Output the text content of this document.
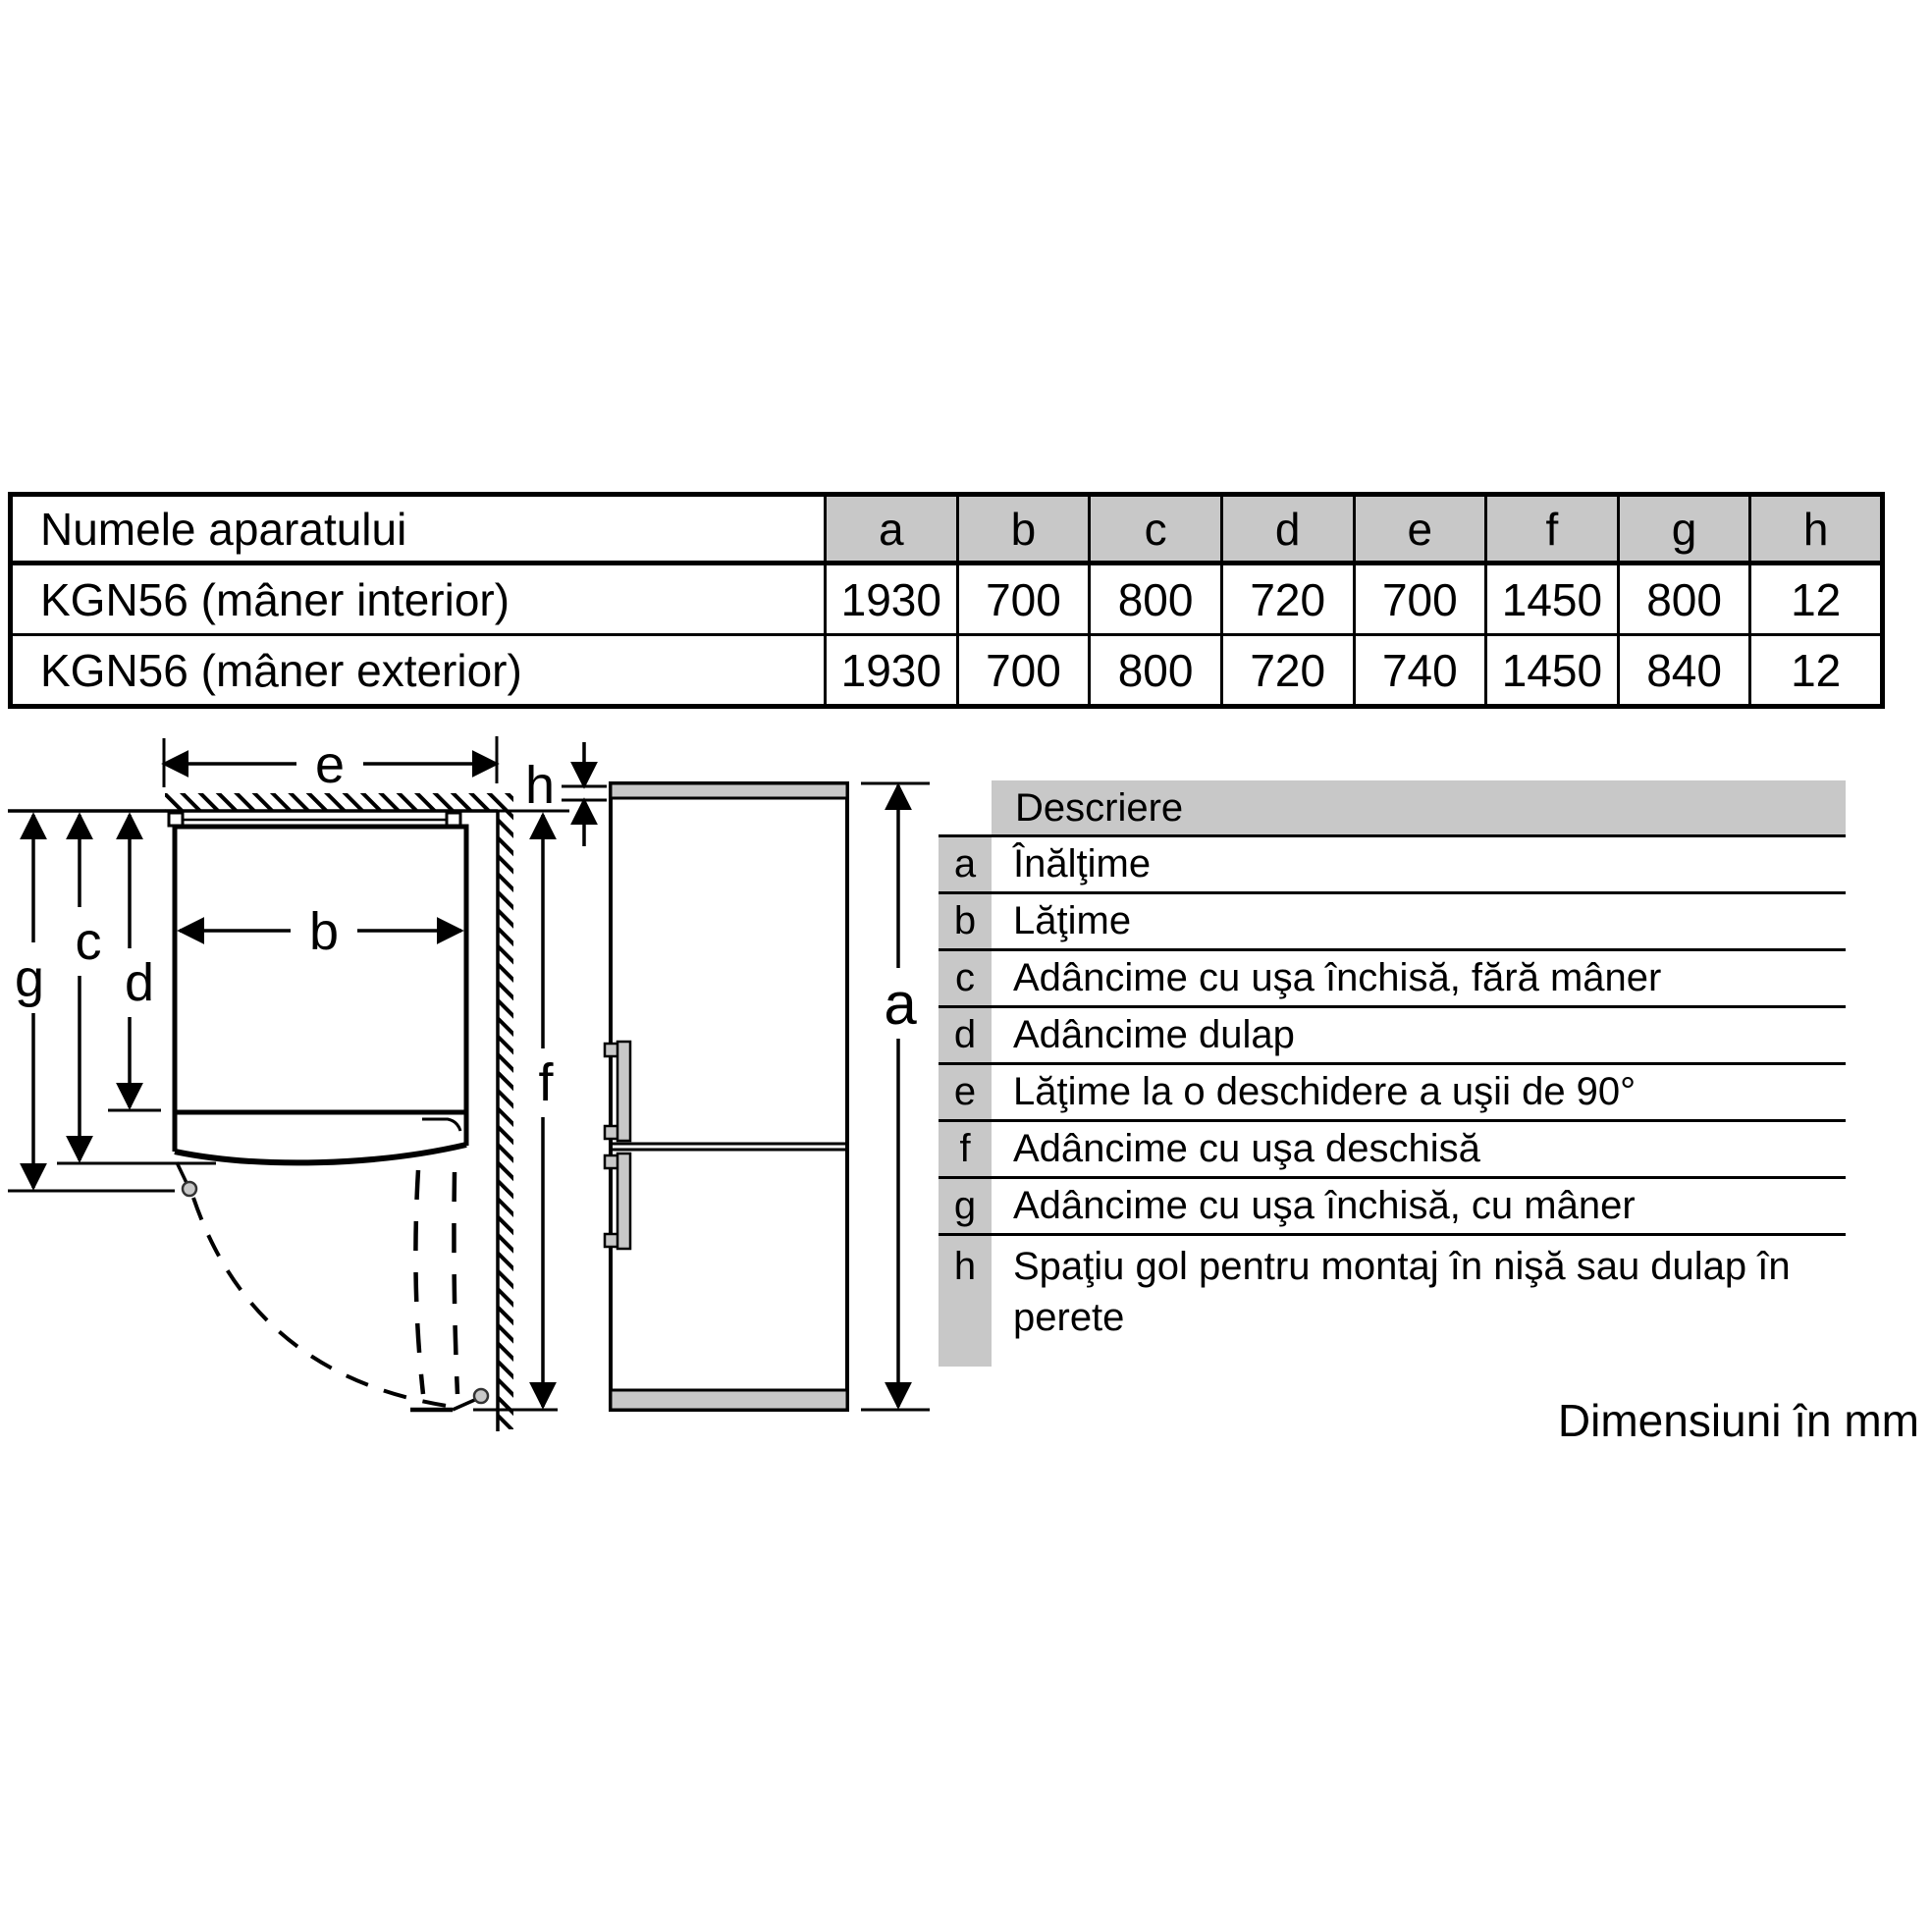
Numele aparatului	a	b	c	d	e	f	g	h
KGN56 (mâner interior)	1930	700	800	720	700	1450	800	12
KGN56 (mâner exterior)	1930	700	800	720	740	1450	840	12
e
b
g
c
d
f
h
a
Descriere
a Înălţime
b Lăţime
c Adâncime cu uşa închisă, fără mâner
d Adâncime dulap
e Lăţime la o deschidere a uşii de 90°
f	Adâncime cu uşa deschisă
g Adâncime cu uşa închisă, cu mâner
h Spaţiu gol pentru montaj în nişă sau dulap în perete
Dimensiuni în mm
